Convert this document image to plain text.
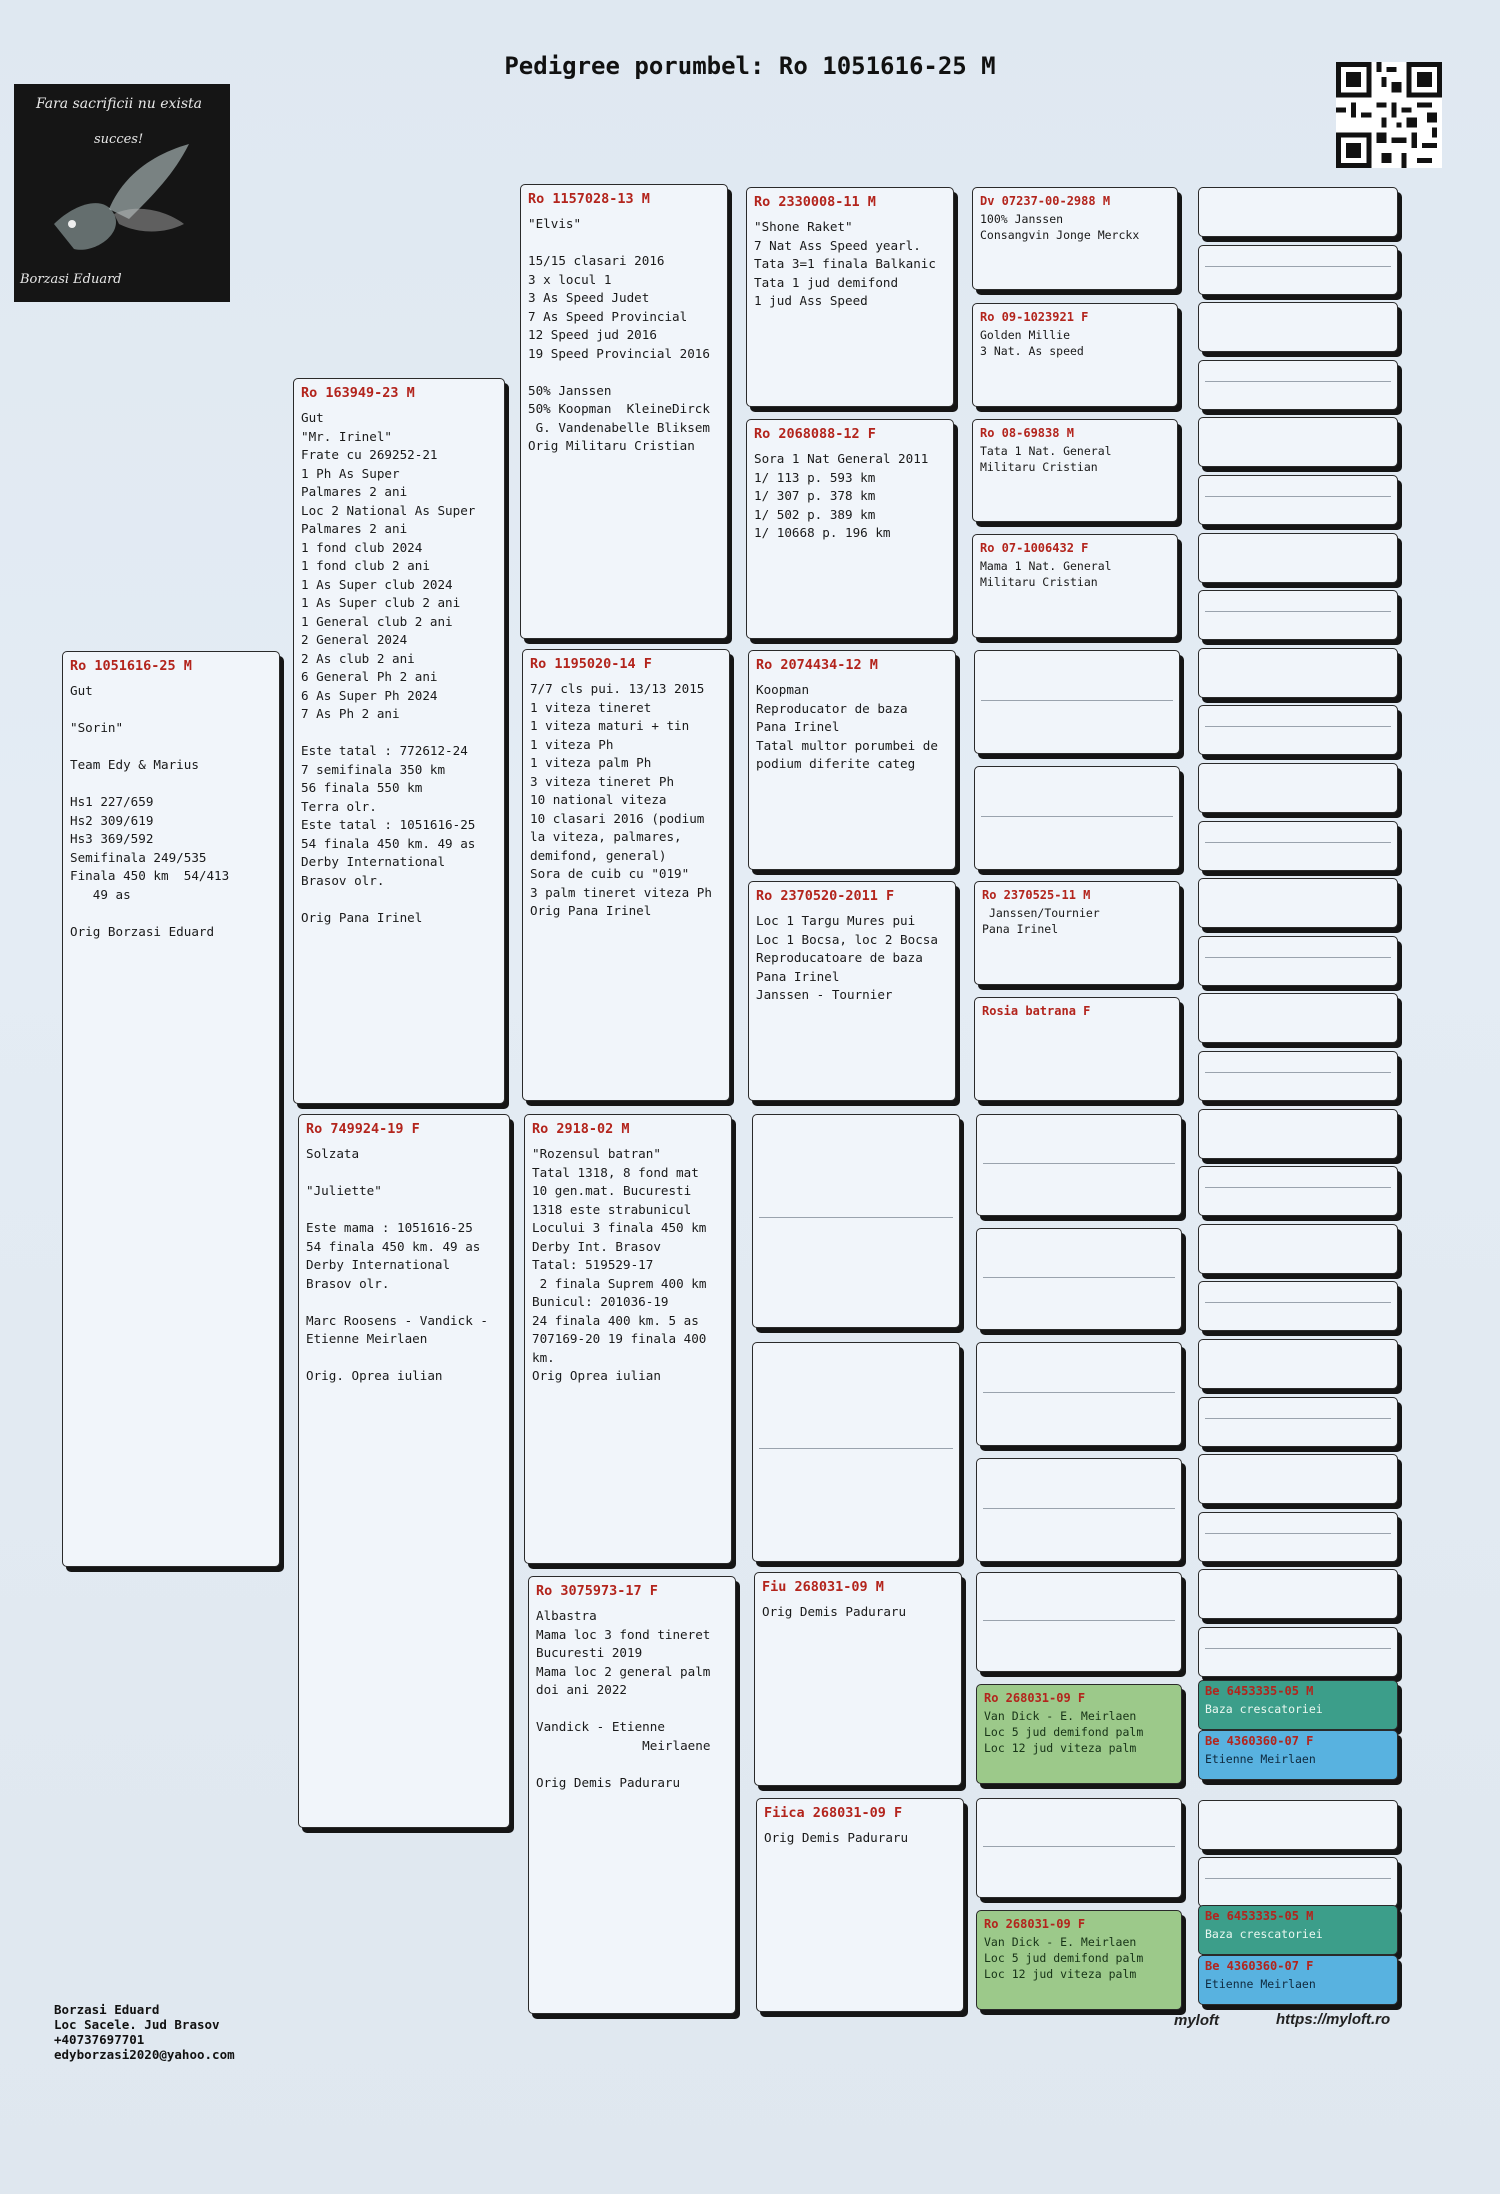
Pedigree porumbel: Ro 1051616-25 M
Fara sacrificii nu exista
succes!
Borzasi Eduard
Ro 1051616-25 M

Gut

"Sorin"

Team Edy & Marius

Hs1 227/659
Hs2 309/619
Hs3 369/592
Semifinala 249/535
Finala 450 km  54/413
49 as

Orig Borzasi Eduard

Ro 163949-23 M

Gut
"Mr. Irinel"
Frate cu 269252-21
1 Ph As Super
Palmares 2 ani
Loc 2 National As Super
Palmares 2 ani
1 fond club 2024
1 fond club 2 ani
1 As Super club 2024
1 As Super club 2 ani
1 General club 2 ani
2 General 2024
2 As club 2 ani
6 General Ph 2 ani
6 As Super Ph 2024
7 As Ph 2 ani

Este tatal : 772612-24
7 semifinala 350 km
56 finala 550 km
Terra olr.
Este tatal : 1051616-25
54 finala 450 km. 49 as
Derby International
Brasov olr.

Orig Pana Irinel

Ro 749924-19 F

Solzata

"Juliette"

Este mama : 1051616-25
54 finala 450 km. 49 as
Derby International
Brasov olr.

Marc Roosens - Vandick -
Etienne Meirlaen

Orig. Oprea iulian

Ro 1157028-13 M

"Elvis"

15/15 clasari 2016
3 x locul 1
3 As Speed Judet
7 As Speed Provincial
12 Speed jud 2016
19 Speed Provincial 2016

50% Janssen
50% Koopman  KleineDirck
G. Vandenabelle Bliksem
Orig Militaru Cristian

Ro 1195020-14 F

7/7 cls pui. 13/13 2015
1 viteza tineret
1 viteza maturi + tin
1 viteza Ph
1 viteza palm Ph
3 viteza tineret Ph
10 national viteza
10 clasari 2016 (podium
la viteza, palmares,
demifond, general)
Sora de cuib cu "019"
3 palm tineret viteza Ph
Orig Pana Irinel

Ro 2918-02 M

"Rozensul batran"
Tatal 1318, 8 fond mat
10 gen.mat. Bucuresti
1318 este strabunicul
Locului 3 finala 450 km
Derby Int. Brasov
Tatal: 519529-17
2 finala Suprem 400 km
Bunicul: 201036-19
24 finala 400 km. 5 as
707169-20 19 finala 400
km.
Orig Oprea iulian

Ro 3075973-17 F

Albastra
Mama loc 3 fond tineret
Bucuresti 2019
Mama loc 2 general palm
doi ani 2022

Vandick - Etienne
Meirlaene

Orig Demis Paduraru

Ro 2330008-11 M

"Shone Raket"
7 Nat Ass Speed yearl.
Tata 3=1 finala Balkanic
Tata 1 jud demifond
1 jud Ass Speed

Ro 2068088-12 F

Sora 1 Nat General 2011
1/ 113 p. 593 km
1/ 307 p. 378 km
1/ 502 p. 389 km
1/ 10668 p. 196 km

Ro 2074434-12 M

Koopman
Reproducator de baza
Pana Irinel
Tatal multor porumbei de
podium diferite categ

Ro 2370520-2011 F

Loc 1 Targu Mures pui
Loc 1 Bocsa, loc 2 Bocsa
Reproducatoare de baza
Pana Irinel
Janssen - Tournier

Fiu 268031-09 M

Orig Demis Paduraru

Fiica 268031-09 F

Orig Demis Paduraru

Dv 07237-00-2988 M

100% Janssen
Consangvin Jonge Merckx

Ro 09-1023921 F

Golden Millie
3 Nat. As speed

Ro 08-69838 M

Tata 1 Nat. General
Militaru Cristian

Ro 07-1006432 F

Mama 1 Nat. General
Militaru Cristian

Ro 2370525-11 M

Janssen/Tournier
Pana Irinel

Rosia batrana F

Ro 268031-09 F

Van Dick - E. Meirlaen
Loc 5 jud demifond palm
Loc 12 jud viteza palm

Ro 268031-09 F

Van Dick - E. Meirlaen
Loc 5 jud demifond palm
Loc 12 jud viteza palm

Be 6453335-05 M

Baza crescatoriei

Be 4360360-07 F

Etienne Meirlaen

Be 6453335-05 M

Baza crescatoriei

Be 4360360-07 F

Etienne Meirlaen

Borzasi Eduard
Loc Sacele. Jud Brasov
+40737697701
edyborzasi2020@yahoo.com
myloft	https://myloft.ro
